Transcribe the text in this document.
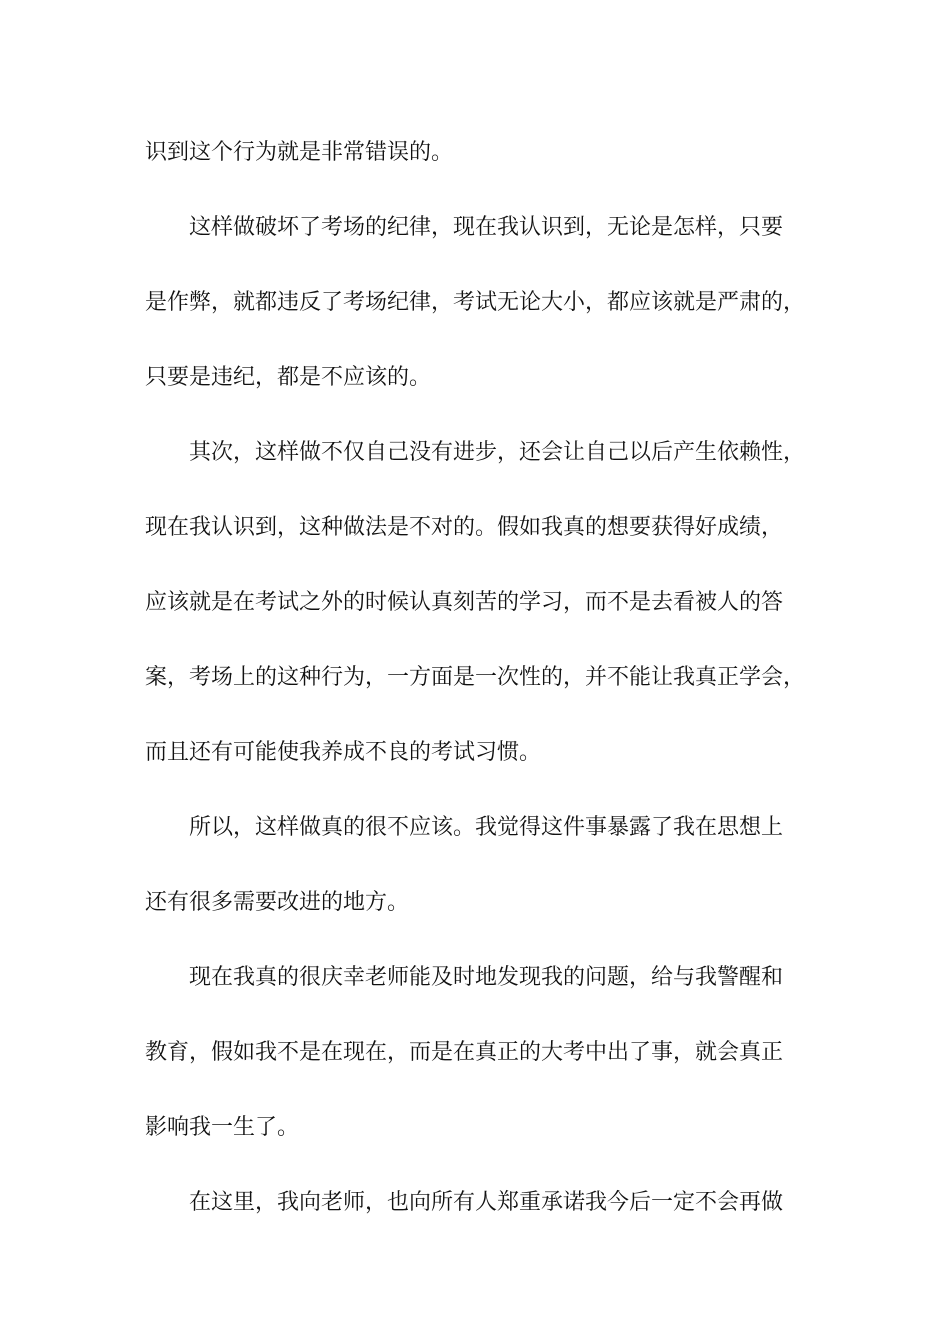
识到这个行为就是非常错误的。
这样做破坏了考场的纪律，现在我认识到，无论是怎样，只要
是作弊，就都违反了考场纪律，考试无论大小，都应该就是严肃的，
只要是违纪，都是不应该的。
其次，这样做不仅自己没有进步，还会让自己以后产生依赖性，
现在我认识到，这种做法是不对的。假如我真的想要获得好成绩，
应该就是在考试之外的时候认真刻苦的学习，而不是去看被人的答
案，考场上的这种行为，一方面是一次性的，并不能让我真正学会，
而且还有可能使我养成不良的考试习惯。
所以，这样做真的很不应该。我觉得这件事暴露了我在思想上
还有很多需要改进的地方。
现在我真的很庆幸老师能及时地发现我的问题，给与我警醒和
教育，假如我不是在现在，而是在真正的大考中出了事，就会真正
影响我一生了。
在这里，我向老师，也向所有人郑重承诺我今后一定不会再做
